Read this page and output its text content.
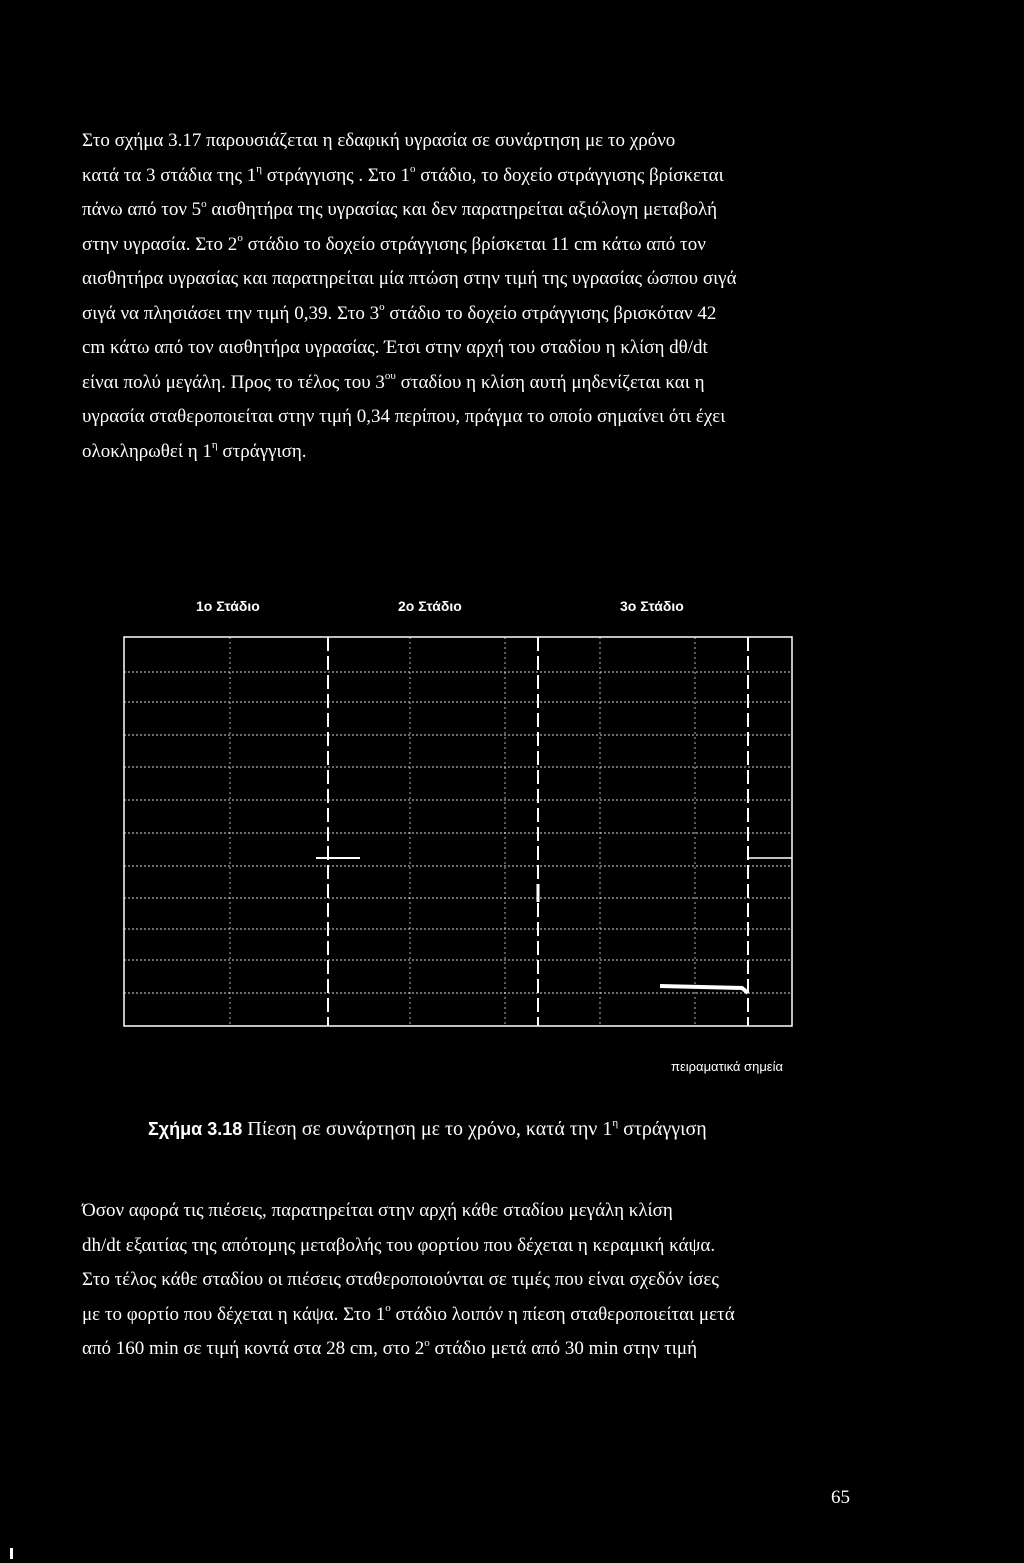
Στο σχήμα 3.17 παρουσιάζεται η εδαφική υγρασία σε συνάρτηση με το χρόνο
κατά τα 3 στάδια της $1^\eta$ στράγγισης . Στο $1^o$ στάδιο, το δοχείο στράγγισης βρίσκεται
πάνω από τον $5^o$ αισθητήρα της υγρασίας και δεν παρατηρείται αξιόλογη μεταβολή
στην υγρασία. Στο $2^o$ στάδιο το δοχείο στράγγισης βρίσκεται 11 cm κάτω από τον
αισθητήρα υγρασίας και παρατηρείται μία πτώση στην τιμή της υγρασίας ώσπου σιγά
σιγά να πλησιάσει την τιμή 0,39. Στο $3^o$ στάδιο το δοχείο στράγγισης βρισκόταν 42
cm κάτω από τον αισθητήρα υγρασίας. Έτσι στην αρχή του σταδίου η κλίση dθ/dt
είναι πολύ μεγάλη. Προς το τέλος του $3^{o\upsilon}$ σταδίου η κλίση αυτή μηδενίζεται και η
υγρασία σταθεροποιείται στην τιμή 0,34 περίπου, πράγμα το οποίο σημαίνει ότι έχει
ολοκληρωθεί η $1^\eta$ στράγγιση.
1ο Στάδιο	2ο Στάδιο	3ο Στάδιο
πειραματικά σημεία
Σχήμα 3.18 Πίεση σε συνάρτηση με το χρόνο, κατά την $1^\eta$ στράγγιση
Όσον αφορά τις πιέσεις, παρατηρείται στην αρχή κάθε σταδίου μεγάλη κλίση
dh/dt εξαιτίας της απότομης μεταβολής του φορτίου που δέχεται η κεραμική κάψα.
Στο τέλος κάθε σταδίου οι πιέσεις σταθεροποιούνται σε τιμές που είναι σχεδόν ίσες
με το φορτίο που δέχεται η κάψα. Στο $1^o$ στάδιο λοιπόν η πίεση σταθεροποιείται μετά
από 160 min σε τιμή κοντά στα 28 cm, στο $2^o$ στάδιο μετά από 30 min στην τιμή
65
